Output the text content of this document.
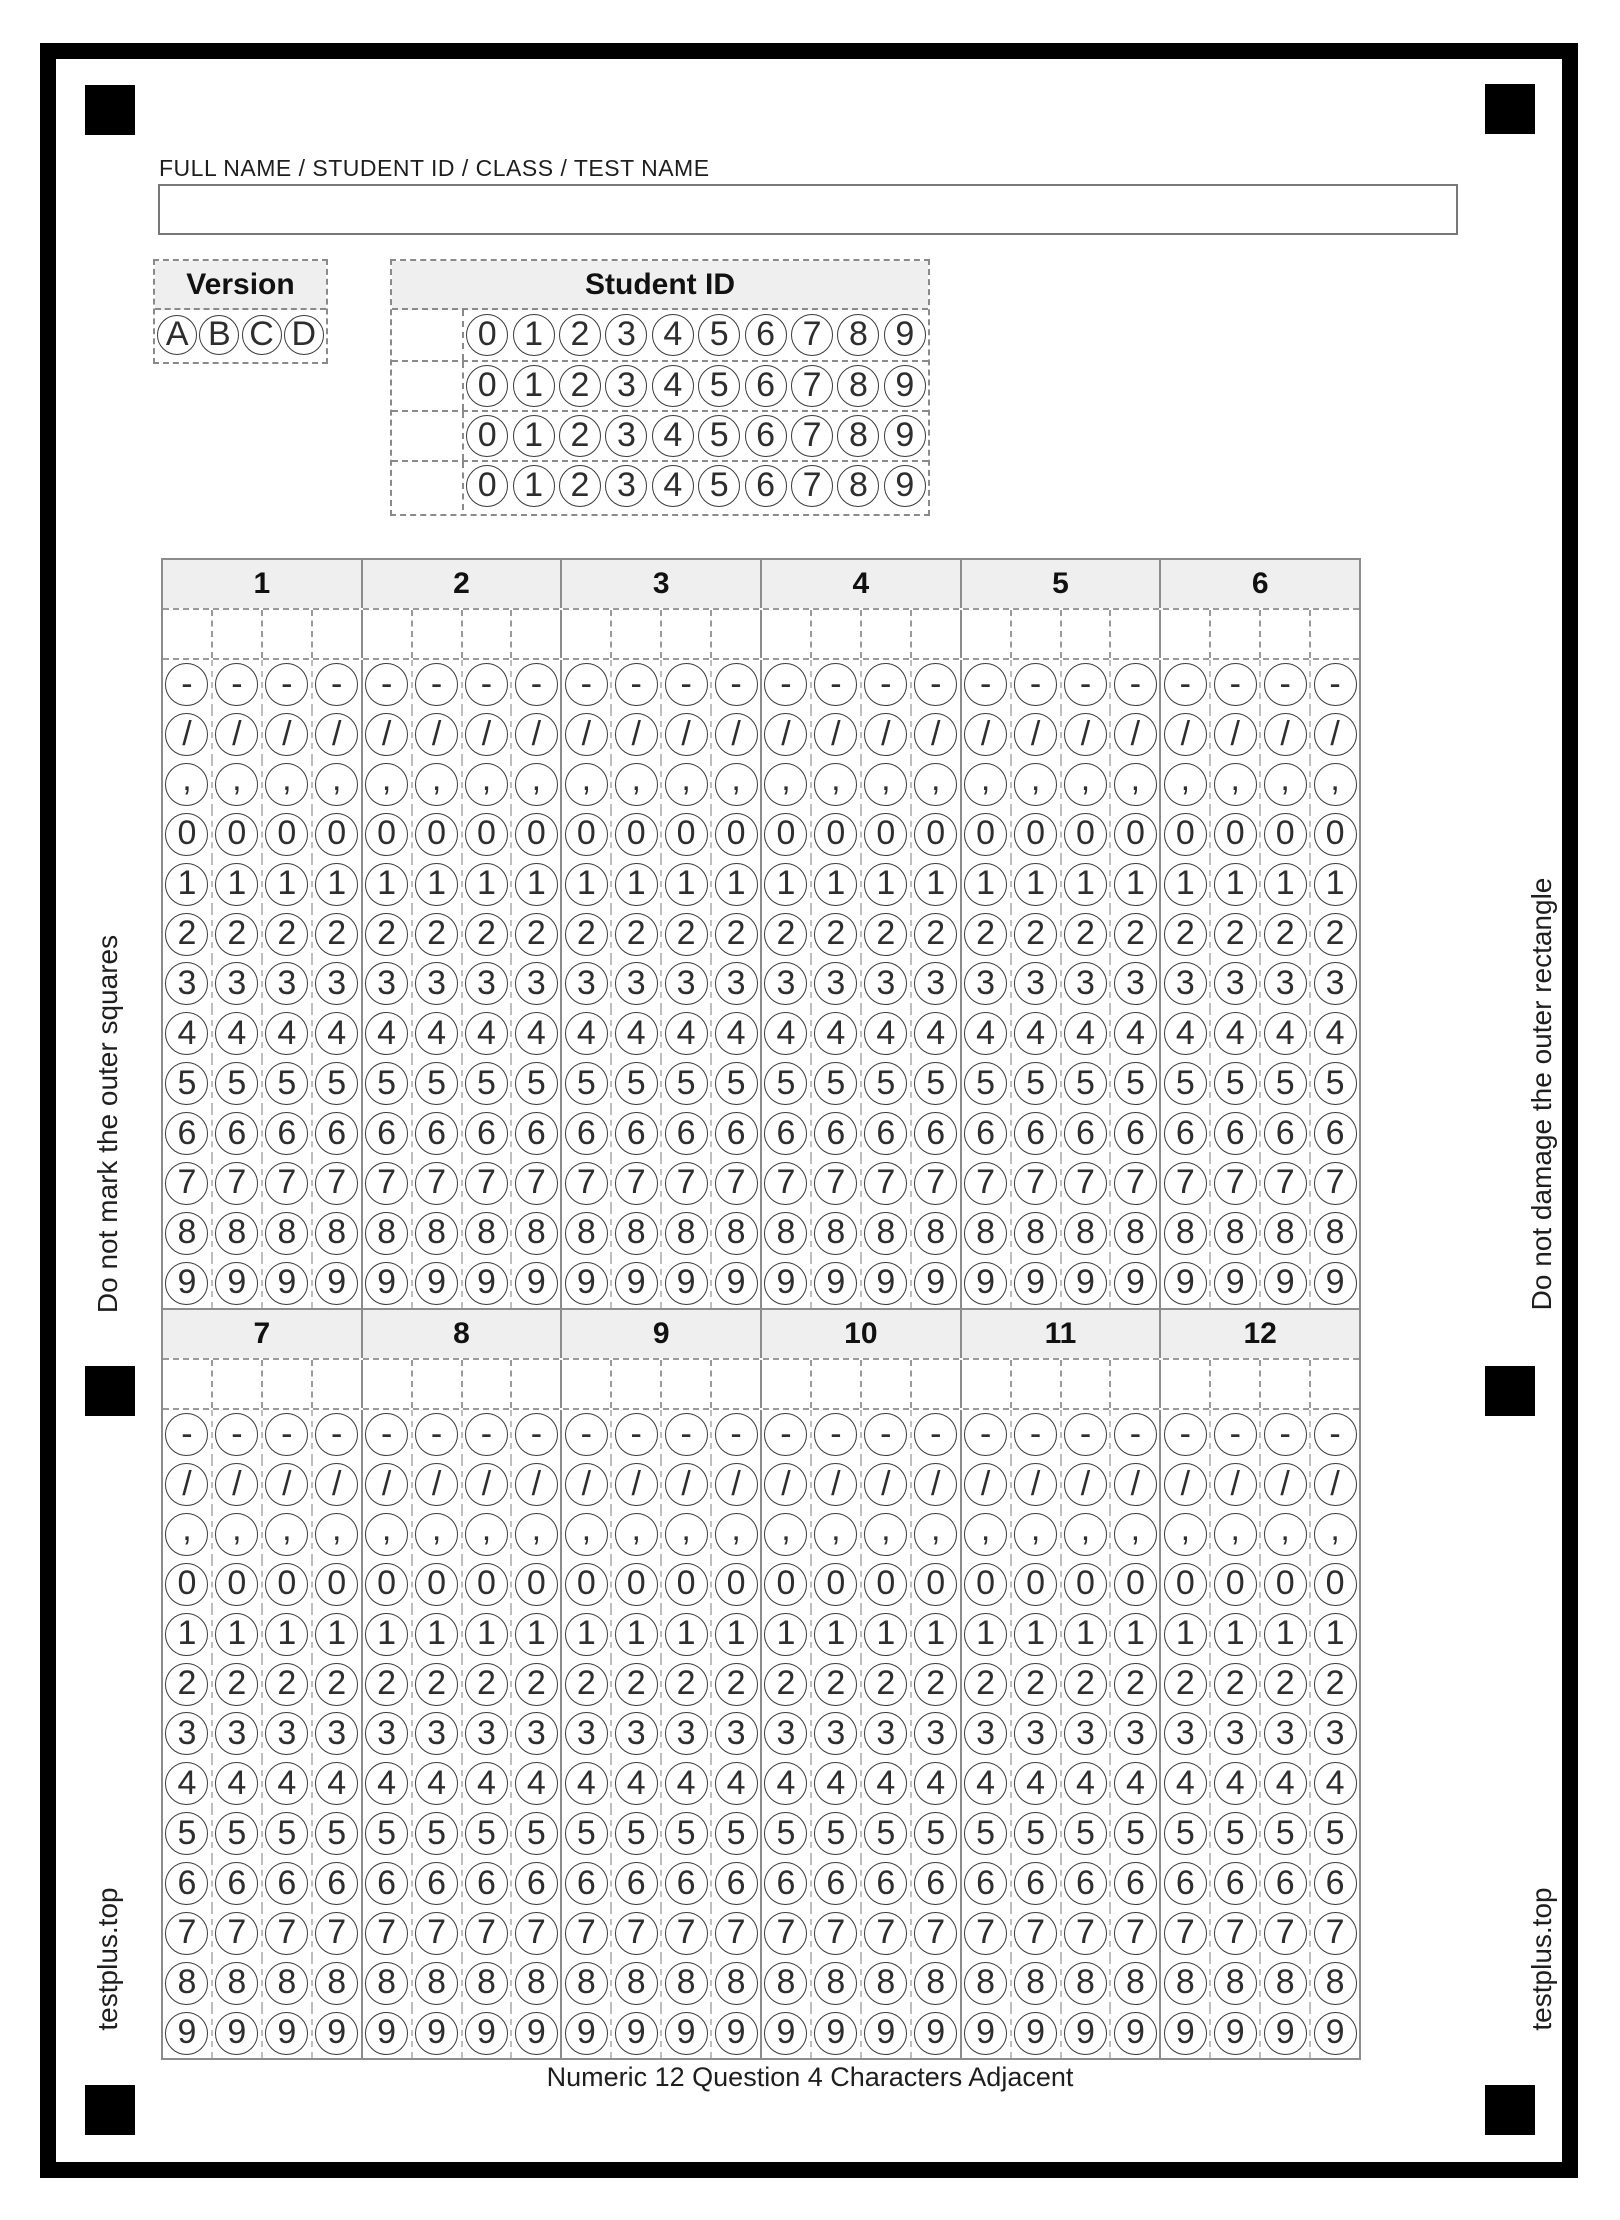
FULL NAME / STUDENT ID / CLASS / TEST NAME
Version
A B C D
Student ID
0 1 2 3 4 5 6 7 8 9
0 1 2 3 4 5 6 7 8 9
0 1 2 3 4 5 6 7 8 9
0 1 2 3 4 5 6 7 8 9
1	2	3	4	5	6
- - - - - - - - - - - - - - - - - - - - - - - -
/ / / / / / / / / / / / / / / / / / / / / / / /
, , , , , , , , , , , , , , , , , , , , , , , ,
0 0 0 0 0 0 0 0 0 0 0 0 0 0 0 0 0 0 0 0 0 0 0 0
1 1 1 1 1 1 1 1 1 1 1 1 1 1 1 1 1 1 1 1 1 1 1 1
2 2 2 2 2 2 2 2 2 2 2 2 2 2 2 2 2 2 2 2 2 2 2 2
3 3 3 3 3 3 3 3 3 3 3 3 3 3 3 3 3 3 3 3 3 3 3 3
4 4 4 4 4 4 4 4 4 4 4 4 4 4 4 4 4 4 4 4 4 4 4 4
5 5 5 5 5 5 5 5 5 5 5 5 5 5 5 5 5 5 5 5 5 5 5 5
6 6 6 6 6 6 6 6 6 6 6 6 6 6 6 6 6 6 6 6 6 6 6 6
7 7 7 7 7 7 7 7 7 7 7 7 7 7 7 7 7 7 7 7 7 7 7 7
8 8 8 8 8 8 8 8 8 8 8 8 8 8 8 8 8 8 8 8 8 8 8 8
9 9 9 9 9 9 9 9 9 9 9 9 9 9 9 9 9 9 9 9 9 9 9 9
7	8	9	10	11	12
- - - - - - - - - - - - - - - - - - - - - - - -
/ / / / / / / / / / / / / / / / / / / / / / / /
, , , , , , , , , , , , , , , , , , , , , , , ,
0 0 0 0 0 0 0 0 0 0 0 0 0 0 0 0 0 0 0 0 0 0 0 0
1 1 1 1 1 1 1 1 1 1 1 1 1 1 1 1 1 1 1 1 1 1 1 1
2 2 2 2 2 2 2 2 2 2 2 2 2 2 2 2 2 2 2 2 2 2 2 2
3 3 3 3 3 3 3 3 3 3 3 3 3 3 3 3 3 3 3 3 3 3 3 3
4 4 4 4 4 4 4 4 4 4 4 4 4 4 4 4 4 4 4 4 4 4 4 4
5 5 5 5 5 5 5 5 5 5 5 5 5 5 5 5 5 5 5 5 5 5 5 5
6 6 6 6 6 6 6 6 6 6 6 6 6 6 6 6 6 6 6 6 6 6 6 6
7 7 7 7 7 7 7 7 7 7 7 7 7 7 7 7 7 7 7 7 7 7 7 7
8 8 8 8 8 8 8 8 8 8 8 8 8 8 8 8 8 8 8 8 8 8 8 8
9 9 9 9 9 9 9 9 9 9 9 9 9 9 9 9 9 9 9 9 9 9 9 9
Do not mark the outer squares	Do not damage the outer rectangle
testplus.top	testplus.top
Numeric 12 Question 4 Characters Adjacent
